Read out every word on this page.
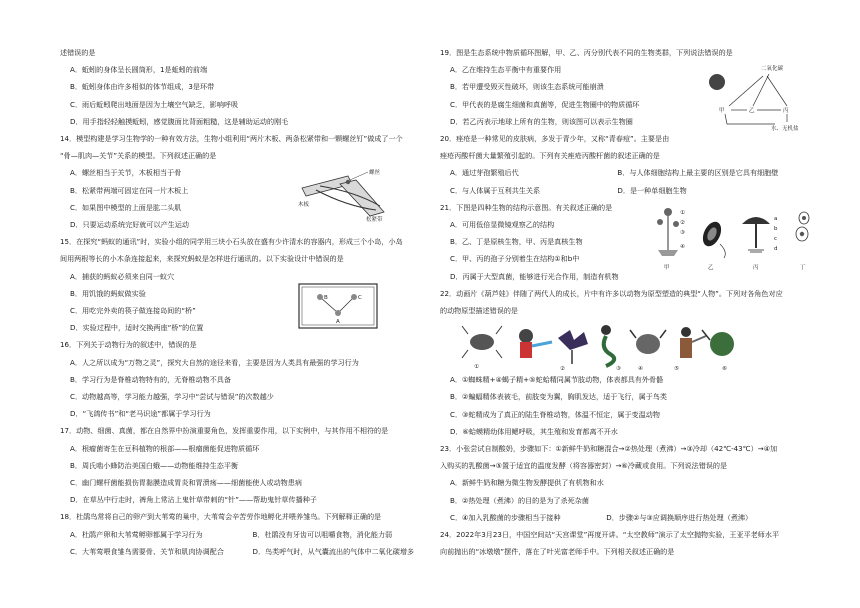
述错误的是
A．蚯蚓的身体呈长圆筒形，1是蚯蚓的前端
B．蚯蚓身体由许多相似的体节组成，3是环带
C．雨后蚯蚓爬出地面是因为土壤空气缺乏，影响呼吸
D．用手指轻轻触摸蚯蚓，感觉腹面比背面粗糙，这是辅助运动的刚毛
14．模型构建是学习生物学的一种有效方法，生物小组利用“两片木板、两条松紧带和一颗螺丝钉”做成了一个
“骨—肌肉—关节”关系的模型。下列叙述正确的是
A．螺丝相当于关节，木板相当于骨
B．松紧带两端可固定在同一片木板上
C．如果图中模型的上面是肱二头肌
D．只要运动系统完好就可以产生运动
15．在探究“蚂蚁的通讯”时，实验小组的同学用三块小石头放在盛有少许清水的容器内，形成三个小岛，小岛
间用两根等长的小木条连接起来，来探究蚂蚁是怎样进行通讯的。以下实验设计中错误的是
A．捕获的蚂蚁必须来自同一蚁穴
B．用饥饿的蚂蚁做实验
C．用吃完外卖的筷子做连接岛间的“桥”
D．实验过程中，适时交换两座“桥”的位置
16．下列关于动物行为的叙述中，错误的是
A．人之所以成为“万物之灵”，探究大自然的途径来看，主要是因为人类具有最强的学习行为
B．学习行为是脊椎动物特有的，无脊椎动物不具备
C．动物越高等，学习能力越强，学习中“尝试与错误”的次数越少
D．“飞鸽传书”和“老马识途”都属于学习行为
17．动物、细菌、真菌，都在自然界中扮演重要角色，发挥重要作用，以下实例中，与其作用不相符的是
A．根瘤菌寄生在豆科植物的根部——根瘤菌能促进物质循环
B．周氏啮小蜂防治美国白蛾——动物能维持生态平衡
C．幽门螺杆菌能损伤胃黏膜造成胃炎和胃溃疡——细菌能使人或动物患病
D．在草丛中行走时，裤角上常沾上鬼针草带刺的“针”——帮助鬼针草传播种子
18．杜鹃鸟常将自己的卵产到大苇莺的巢中，大苇莺会辛苦劳作地孵化并喂养雏鸟。下列解释正确的是
A．杜鹃产卵和大苇莺孵卵都属于学习行为	B．杜鹃没有牙齿可以咀嚼食物，消化能力弱
C．大苇莺喂食雏鸟需要骨、关节和肌肉协调配合	D．鸟类呼气时，从气囊流出的气体中二氧化碳增多
螺丝
木板
松紧带
B	C
A
19．图是生态系统中物质循环图解，甲、乙、丙分别代表不同的生物类群，下列说法错误的是
A．乙在维持生态平衡中有重要作用
B．若甲遭受毁灭性破坏，则该生态系统可能崩溃
C．甲代表的是腐生细菌和真菌等，促进生物圈中的物质循环
D．若乙丙表示地球上所有的生物，则该图可以表示生物圈
20．痤疮是一种常见的皮肤病，多发于青少年，又称“青春痘”。主要是由
痤疮丙酸杆菌大量繁殖引起的。下列有关痤疮丙酸杆菌的叙述正确的是
A．通过芽孢繁殖后代	B．与人体细胞结构上最主要的区别是它具有细胞壁
C．与人体属于互利共生关系	D．是一种单细胞生物
21．下图是四种生物的结构示意图。有关叙述正确的是
A．可用低倍显微镜观察乙的结构
B．乙、丁是原核生物，甲、丙是真核生物
C．甲、丙的孢子分别着生在结构①和b中
D．丙属于大型真菌，能够进行光合作用，制造有机物
22．动画片《葫芦娃》伴随了两代人的成长，片中有许多以动物为原型塑造的典型“人物”。下列对各角色对应
的动物原型描述错误的是
A．①蜘蛛精+④蝎子精+⑤蛇蛤精同属节肢动物，体表都具有外骨骼
B．②蝙蝠精体表被毛，前肢变为翼，胸肌发达，适于飞行，属于鸟类
C．③蛇精成为了真正的陆生脊椎动物，体温不恒定，属于变温动物
D．⑥蛤蟆精幼体用鳃呼吸，其生殖和发育都离不开水
23．小张尝试自制酸奶，步骤如下：①新鲜牛奶和糖混合→②热处理（煮沸）→③冷却（42℃-43℃）→④加
入购买的乳酸菌→⑤置于适宜的温度发酵（将容器密封）→⑥冷藏或食用。下列说法错误的是
A．新鲜牛奶和糖为微生物发酵提供了有机物和水
B．②热处理（煮沸）的目的是为了杀死杂菌
C．④加入乳酸菌的步骤相当于接种	D．步骤②与③应调换顺序进行热处理（煮沸）
24．2022年3月23日，中国空间站“天宫课堂”再度开讲。“太空教师”演示了太空抛物实验，王亚平老师水平
向前抛出的“冰墩墩”摆件，落在了叶光富老师手中。下列相关叙述正确的是
二氧化碳
甲	乙	丙
水、无机盐
①
②
③
④
甲	乙
a
b
c
d
丙	丁
①	②	③	④	⑤	⑥
